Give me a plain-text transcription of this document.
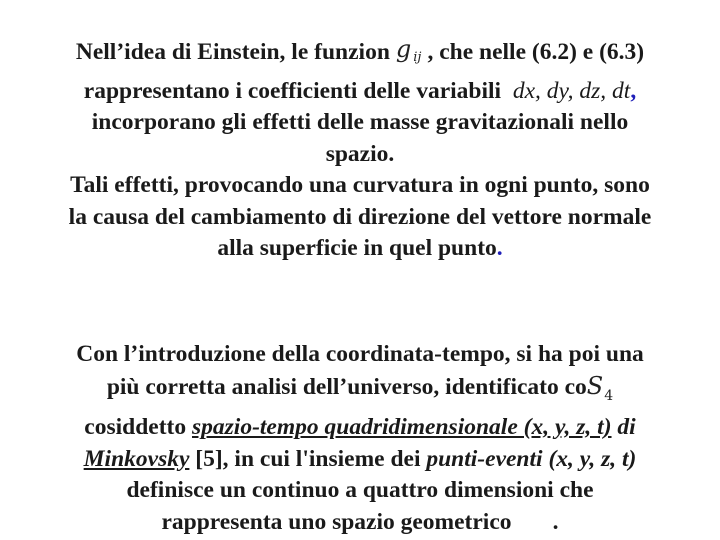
Nell’idea di Einstein, le funzion g $_{ij}$ , che nelle (6.2) e (6.3)
rappresentano i coefficienti delle variabili dx, dy, dz, dt,
incorporano gli effetti delle masse gravitazionali nello
spazio.
Tali effetti, provocando una curvatura in ogni punto, sono
la causa del cambiamento di direzione del vettore normale
alla superficie in quel punto.
Con l’introduzione della coordinata-tempo, si ha poi una
più corretta analisi dell’universo, identificato coS$_4$
cosiddetto spazio-tempo quadridimensionale (x, y, z, t) di
Minkovsky [5], in cui l'insieme dei punti-eventi (x, y, z, t)
definisce un continuo a quattro dimensioni che
rappresenta uno spazio geometrico .
